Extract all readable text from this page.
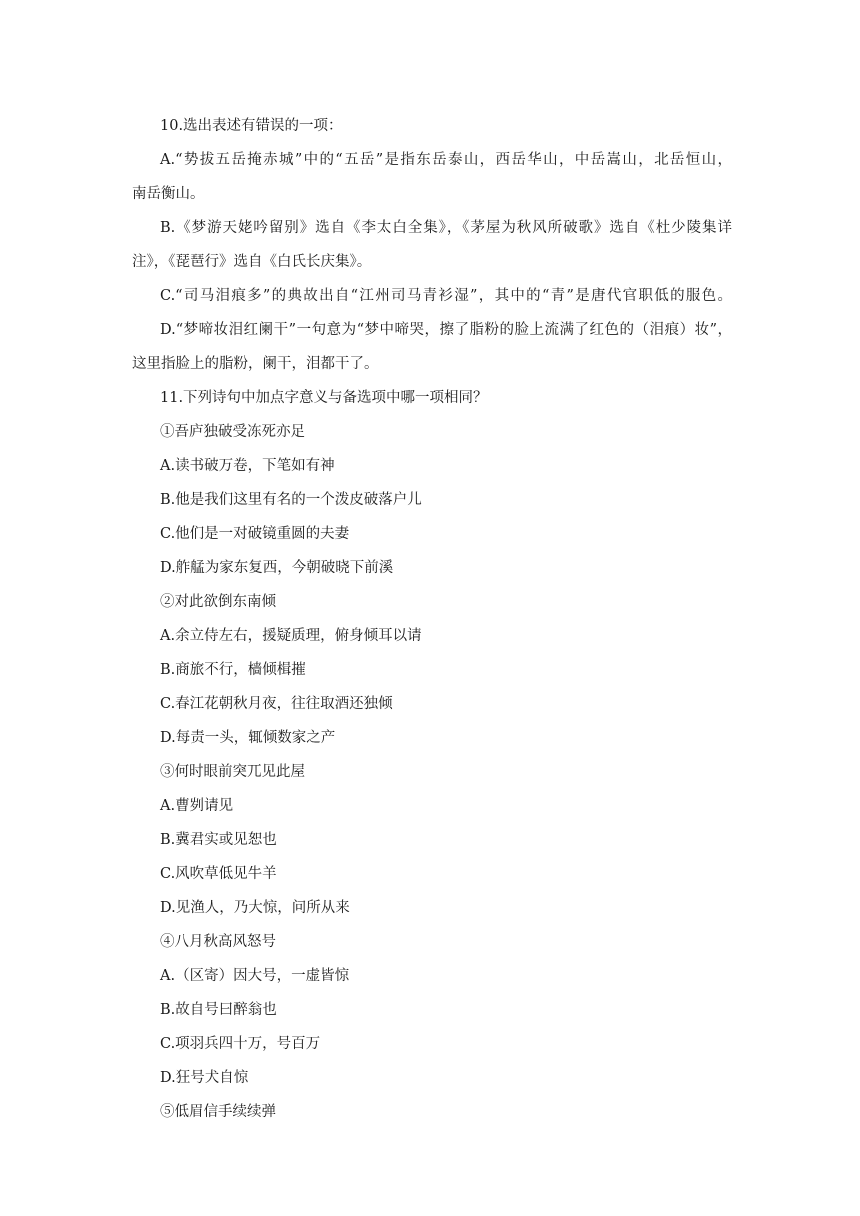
10.选出表述有错误的一项：
A.“势拔五岳掩赤城”中的“五岳”是指东岳泰山，西岳华山，中岳嵩山，北岳恒山，
南岳衡山。
B.《梦游天姥吟留别》选自《李太白全集》，《茅屋为秋风所破歌》选自《杜少陵集详
注》，《琵琶行》选自《白氏长庆集》。
C.“司马泪痕多”的典故出自“江州司马青衫湿”，其中的“青”是唐代官职低的服色。
D.“梦啼妆泪红阑干”一句意为“梦中啼哭，擦了脂粉的脸上流满了红色的（泪痕）妆”，
这里指脸上的脂粉，阑干，泪都干了。
11.下列诗句中加点字意义与备选项中哪一项相同？
①吾庐独破受冻死亦足
A.读书破万卷，下笔如有神
B.他是我们这里有名的一个泼皮破落户儿
C.他们是一对破镜重圆的夫妻
D.舴艋为家东复西，今朝破晓下前溪
②对此欲倒东南倾
A.余立侍左右，援疑质理，俯身倾耳以请
B.商旅不行，樯倾楫摧
C.春江花朝秋月夜，往往取酒还独倾
D.每责一头，辄倾数家之产
③何时眼前突兀见此屋
A.曹刿请见
B.冀君实或见恕也
C.风吹草低见牛羊
D.见渔人，乃大惊，问所从来
④八月秋高风怒号
A.（区寄）因大号，一虚皆惊
B.故自号曰醉翁也
C.项羽兵四十万，号百万
D.狂号犬自惊
⑤低眉信手续续弹
